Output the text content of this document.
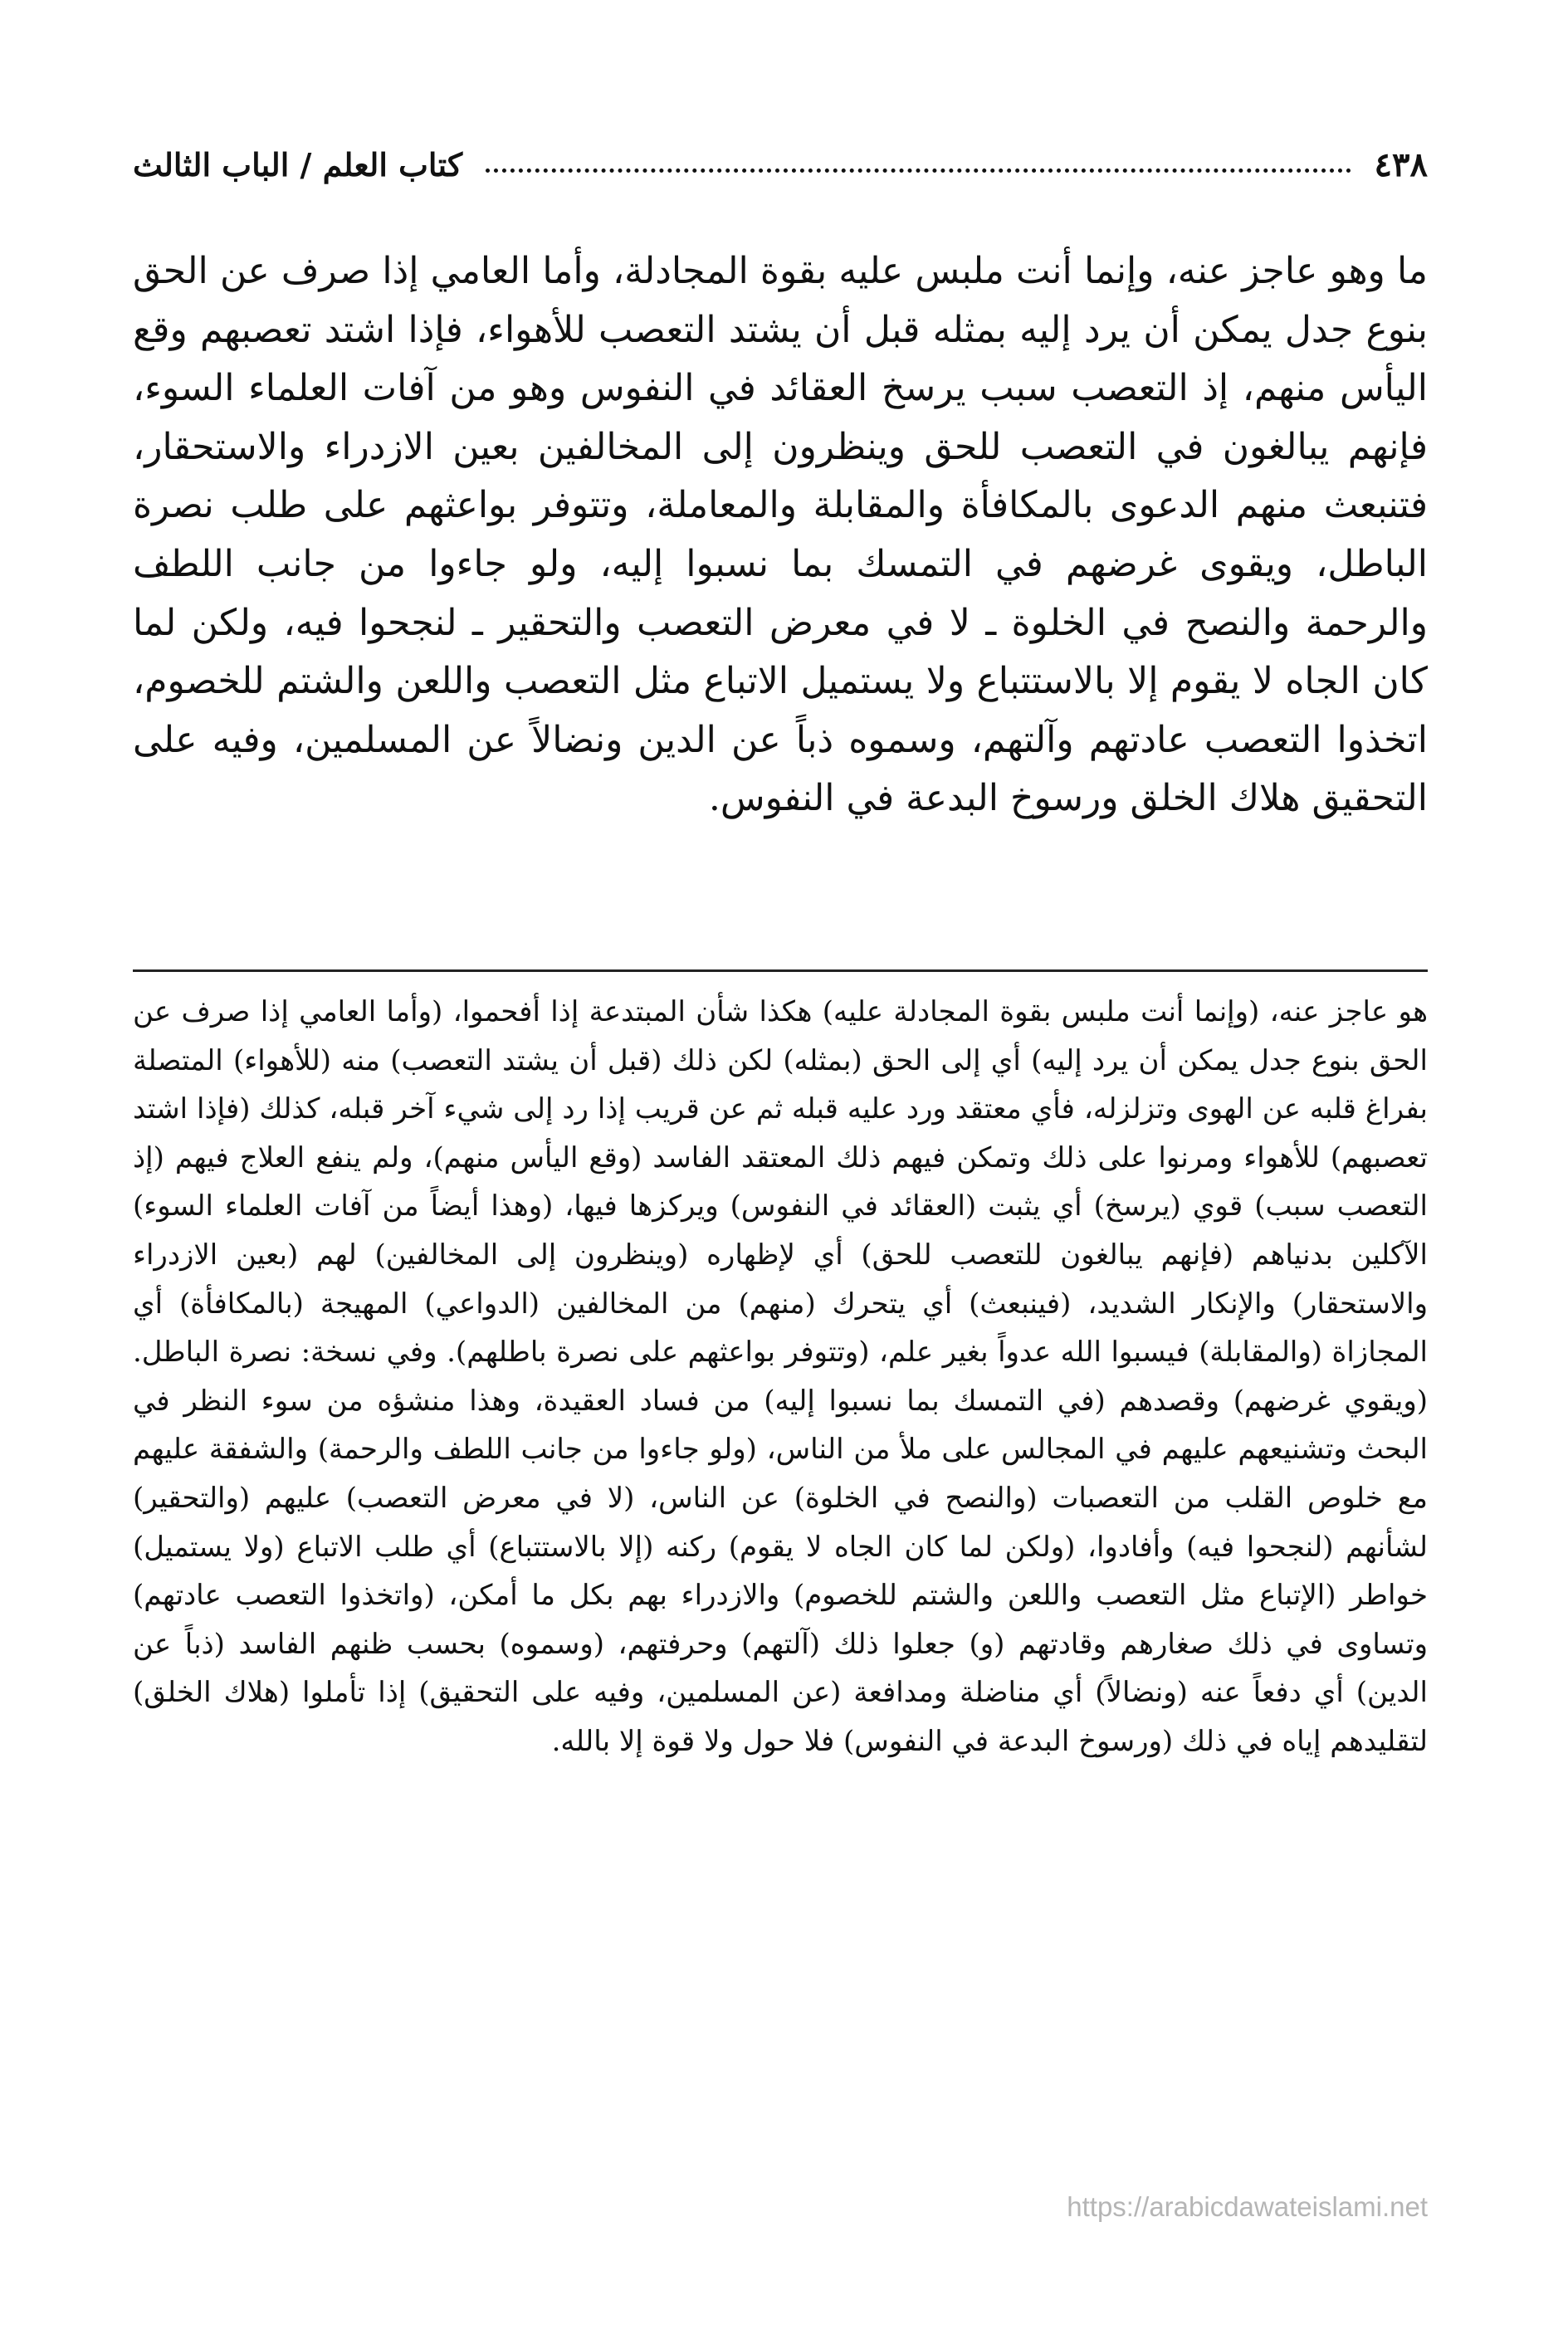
٤٣٨
كتاب العلم / الباب الثالث
ما وهو عاجز عنه، وإنما أنت ملبس عليه بقوة المجادلة، وأما العامي إذا صرف عن الحق بنوع جدل يمكن أن يرد إليه بمثله قبل أن يشتد التعصب للأهواء، فإذا اشتد تعصبهم وقع اليأس منهم، إذ التعصب سبب يرسخ العقائد في النفوس وهو من آفات العلماء السوء، فإنهم يبالغون في التعصب للحق وينظرون إلى المخالفين بعين الازدراء والاستحقار، فتنبعث منهم الدعوى بالمكافأة والمقابلة والمعاملة، وتتوفر بواعثهم على طلب نصرة الباطل، ويقوى غرضهم في التمسك بما نسبوا إليه، ولو جاءوا من جانب اللطف والرحمة والنصح في الخلوة ـ لا في معرض التعصب والتحقير ـ لنجحوا فيه، ولكن لما كان الجاه لا يقوم إلا بالاستتباع ولا يستميل الاتباع مثل التعصب واللعن والشتم للخصوم، اتخذوا التعصب عادتهم وآلتهم، وسموه ذباً عن الدين ونضالاً عن المسلمين، وفيه على التحقيق هلاك الخلق ورسوخ البدعة في النفوس.
هو عاجز عنه، (وإنما أنت ملبس بقوة المجادلة عليه) هكذا شأن المبتدعة إذا أفحموا، (وأما العامي إذا صرف عن الحق بنوع جدل يمكن أن يرد إليه) أي إلى الحق (بمثله) لكن ذلك (قبل أن يشتد التعصب) منه (للأهواء) المتصلة بفراغ قلبه عن الهوى وتزلزله، فأي معتقد ورد عليه قبله ثم عن قريب إذا رد إلى شيء آخر قبله، كذلك (فإذا اشتد تعصبهم) للأهواء ومرنوا على ذلك وتمكن فيهم ذلك المعتقد الفاسد (وقع اليأس منهم)، ولم ينفع العلاج فيهم (إذ التعصب سبب) قوي (يرسخ) أي يثبت (العقائد في النفوس) ويركزها فيها، (وهذا أيضاً من آفات العلماء السوء) الآكلين بدنياهم (فإنهم يبالغون للتعصب للحق) أي لإظهاره (وينظرون إلى المخالفين) لهم (بعين الازدراء والاستحقار) والإنكار الشديد، (فينبعث) أي يتحرك (منهم) من المخالفين (الدواعي) المهيجة (بالمكافأة) أي المجازاة (والمقابلة) فيسبوا الله عدواً بغير علم، (وتتوفر بواعثهم على نصرة باطلهم). وفي نسخة: نصرة الباطل. (ويقوي غرضهم) وقصدهم (في التمسك بما نسبوا إليه) من فساد العقيدة، وهذا منشؤه من سوء النظر في البحث وتشنيعهم عليهم في المجالس على ملأ من الناس، (ولو جاءوا من جانب اللطف والرحمة) والشفقة عليهم مع خلوص القلب من التعصبات (والنصح في الخلوة) عن الناس، (لا في معرض التعصب) عليهم (والتحقير) لشأنهم (لنجحوا فيه) وأفادوا، (ولكن لما كان الجاه لا يقوم) ركنه (إلا بالاستتباع) أي طلب الاتباع (ولا يستميل) خواطر (الإتباع مثل التعصب واللعن والشتم للخصوم) والازدراء بهم بكل ما أمكن، (واتخذوا التعصب عادتهم) وتساوى في ذلك صغارهم وقادتهم (و) جعلوا ذلك (آلتهم) وحرفتهم، (وسموه) بحسب ظنهم الفاسد (ذباً عن الدين) أي دفعاً عنه (ونضالاً) أي مناضلة ومدافعة (عن المسلمين، وفيه على التحقيق) إذا تأملوا (هلاك الخلق) لتقليدهم إياه في ذلك (ورسوخ البدعة في النفوس) فلا حول ولا قوة إلا بالله.
https://arabicdawateislami.net
